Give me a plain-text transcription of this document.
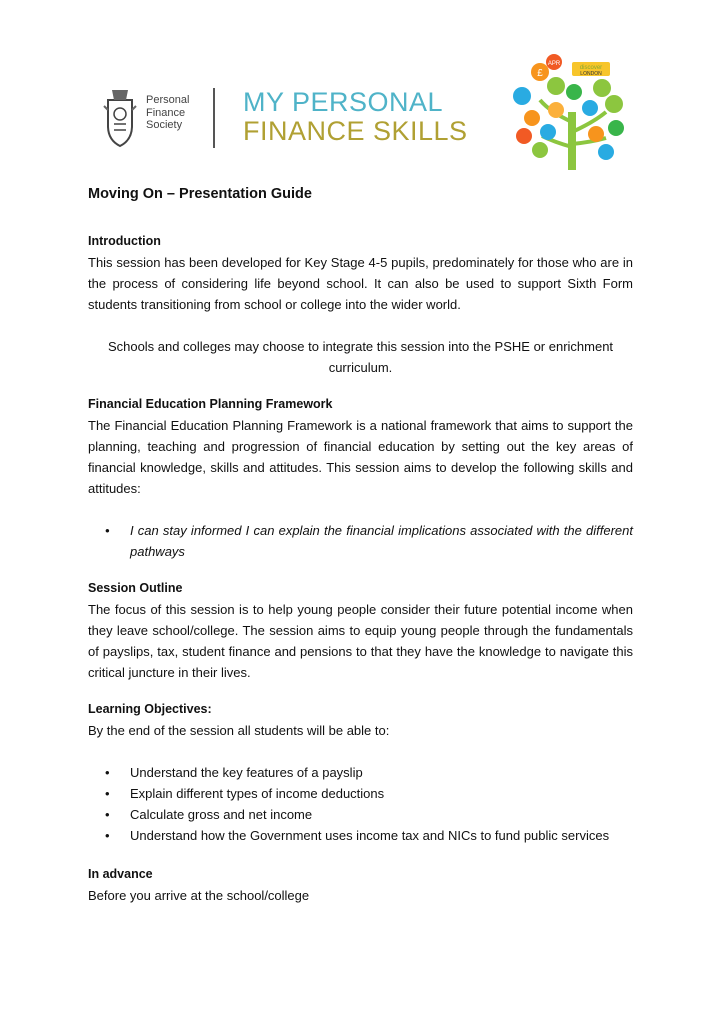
Personal
Finance
Society
MY PERSONAL
FINANCE SKILLS
£
APR
discover
LONDON
Moving On – Presentation Guide
Introduction
This session has been developed for Key Stage 4-5 pupils, predominately for those who are in the process of considering life beyond school. It can also be used to support Sixth Form students transitioning from school or college into the wider world.
Schools and colleges may choose to integrate this session into the PSHE or enrichment curriculum.
Financial Education Planning Framework
The Financial Education Planning Framework is a national framework that aims to support the planning, teaching and progression of financial education by setting out the key areas of financial knowledge, skills and attitudes. This session aims to develop the following skills and attitudes:
• I can stay informed I can explain the financial implications associated with the different pathways
Session Outline
The focus of this session is to help young people consider their future potential income when they leave school/college. The session aims to equip young people through the fundamentals of payslips, tax, student finance and pensions to that they have the knowledge to navigate this critical juncture in their lives.
Learning Objectives:
By the end of the session all students will be able to:
• Understand the key features of a payslip
• Explain different types of income deductions
• Calculate gross and net income
• Understand how the Government uses income tax and NICs to fund public services
In advance
Before you arrive at the school/college
